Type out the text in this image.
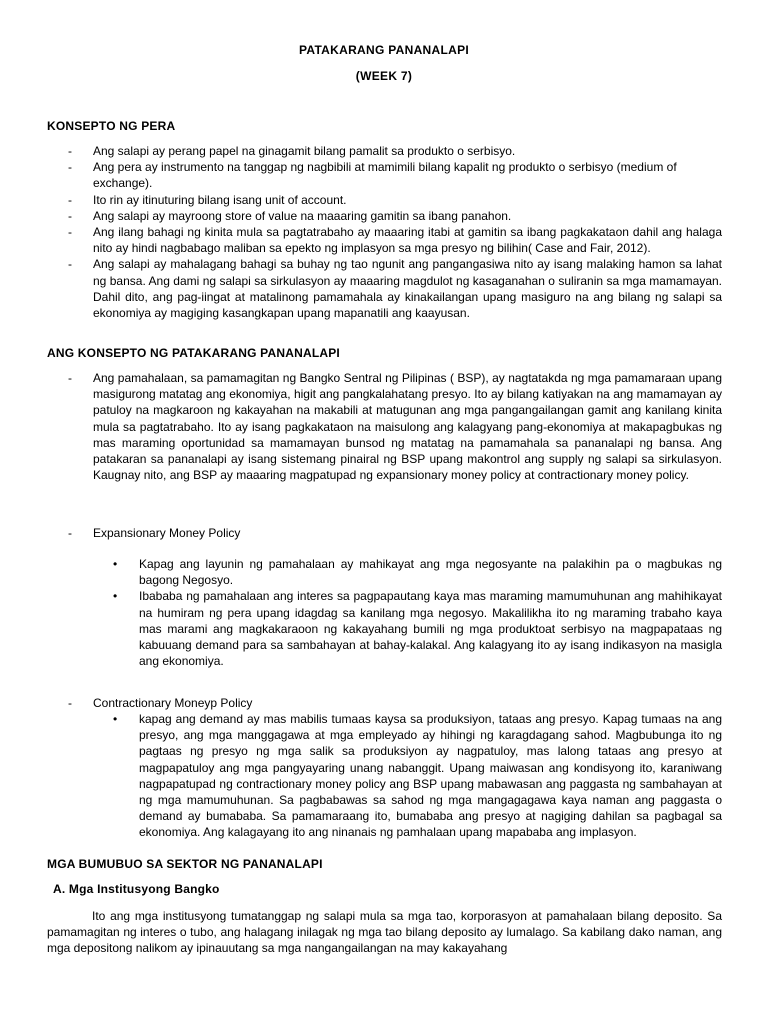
PATAKARANG PANANALAPI
(WEEK 7)
KONSEPTO NG PERA
- Ang salapi ay perang papel na ginagamit bilang pamalit sa produkto o serbisyo.
- Ang pera ay instrumento na tanggap ng nagbibili at mamimili bilang kapalit ng produkto o serbisyo (medium of exchange).
- Ito rin ay itinuturing bilang isang unit of account.
- Ang salapi ay mayroong store of value na maaaring gamitin sa ibang panahon.
- Ang ilang bahagi ng kinita mula sa pagtatrabaho ay maaaring itabi at gamitin sa ibang pagkakataon dahil ang halaga nito ay hindi nagbabago maliban sa epekto ng implasyon sa mga presyo ng bilihin( Case and Fair, 2012).
- Ang salapi ay mahalagang bahagi sa buhay ng tao ngunit ang pangangasiwa nito ay isang malaking hamon sa lahat ng bansa. Ang dami ng salapi sa sirkulasyon ay maaaring magdulot ng kasaganahan o suliranin sa mga mamamayan. Dahil dito, ang pag-iingat at matalinong pamamahala ay kinakailangan upang masiguro na ang bilang ng salapi sa ekonomiya ay magiging kasangkapan upang mapanatili ang kaayusan.
ANG KONSEPTO NG PATAKARANG PANANALAPI
-	Ang pamahalaan, sa pamamagitan ng Bangko Sentral ng Pilipinas ( BSP), ay nagtatakda ng mga pamamaraan upang masigurong matatag ang ekonomiya, higit ang pangkalahatang presyo. Ito ay bilang katiyakan na ang mamamayan ay patuloy na magkaroon ng kakayahan na makabili at matugunan ang mga pangangailangan gamit ang kanilang kinita mula sa pagtatrabaho. Ito ay isang pagkakataon na maisulong ang kalagyang pang-ekonomiya at makapagbukas ng mas maraming oportunidad sa mamamayan bunsod ng matatag na pamamahala sa pananalapi ng bansa. Ang patakaran sa pananalapi ay isang sistemang pinairal ng BSP upang makontrol ang supply ng salapi sa sirkulasyon. Kaugnay nito, ang BSP ay maaaring magpatupad ng expansionary money policy at contractionary money policy.
-	Expansionary Money Policy
• Kapag ang layunin ng pamahalaan ay mahikayat ang mga negosyante na palakihin pa o magbukas ng bagong Negosyo.
• Ibababa ng pamahalaan ang interes sa pagpapautang kaya mas maraming mamumuhunan ang mahihikayat na humiram ng pera upang idagdag sa kanilang mga negosyo. Makalilikha ito ng maraming trabaho kaya mas marami ang magkakaraoon ng kakayahang bumili ng mga produktoat serbisyo na magpapataas ng kabuuang demand para sa sambahayan at bahay-kalakal. Ang kalagyang ito ay isang indikasyon na masigla ang ekonomiya.
-	Contractionary Moneyp Policy
• kapag ang demand ay mas mabilis tumaas kaysa sa produksiyon, tataas ang presyo. Kapag tumaas na ang presyo, ang mga manggagawa at mga empleyado ay hihingi ng karagdagang sahod. Magbubunga ito ng pagtaas ng presyo ng mga salik sa produksiyon ay nagpatuloy, mas lalong tataas ang presyo at magpapatuloy ang mga pangyayaring unang nabanggit. Upang maiwasan ang kondisyong ito, karaniwang nagpapatupad ng contractionary money policy ang BSP upang mabawasan ang paggasta ng sambahayan at ng mga mamumuhunan. Sa pagbabawas sa sahod ng mga mangagagawa kaya naman ang paggasta o demand ay bumababa. Sa pamamaraang ito, bumababa ang presyo at nagiging dahilan sa pagbagal sa ekonomiya. Ang kalagayang ito ang ninanais ng pamhalaan upang mapababa ang implasyon.
MGA BUMUBUO SA SEKTOR NG PANANALAPI
A. Mga Institusyong Bangko
Ito ang mga institusyong tumatanggap ng salapi mula sa mga tao, korporasyon at pamahalaan bilang deposito. Sa pamamagitan ng interes o tubo, ang halagang inilagak ng mga tao bilang deposito ay lumalago. Sa kabilang dako naman, ang mga depositong nalikom ay ipinauutang sa mga nangangailangan na may kakayahang
